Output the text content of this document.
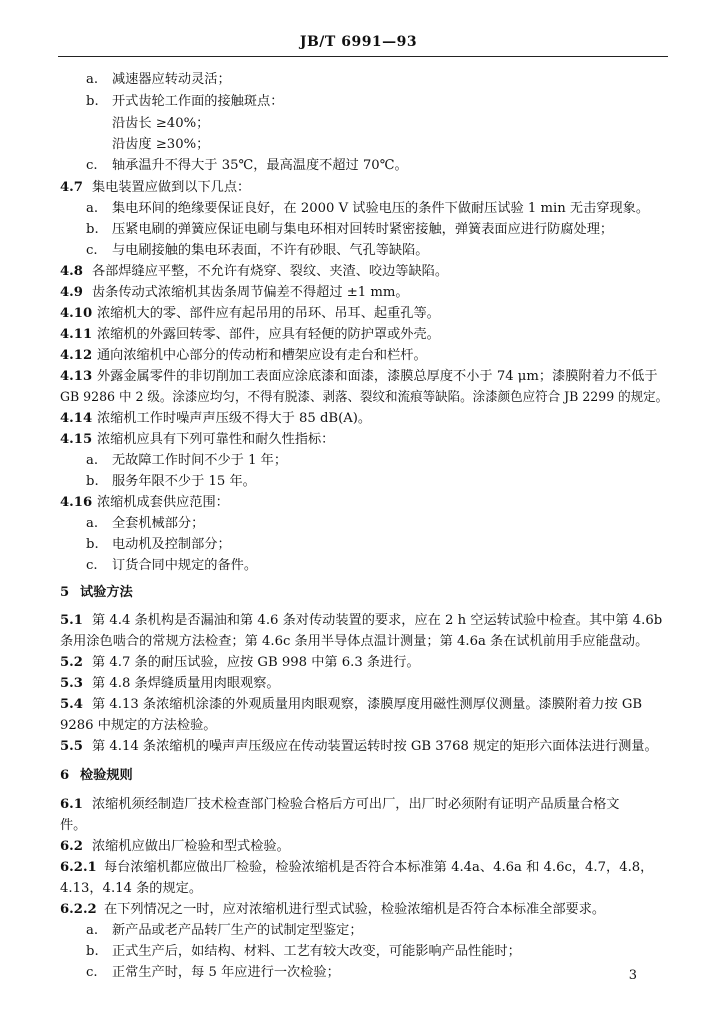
JB/T 6991—93
a. 减速器应转动灵活；
b. 开式齿轮工作面的接触斑点：
沿齿长 ≥40%；
沿齿度 ≥30%；
c. 轴承温升不得大于 35℃，最高温度不超过 70℃。
4.7 集电装置应做到以下几点：
a. 集电环间的绝缘要保证良好，在 2000 V 试验电压的条件下做耐压试验 1 min 无击穿现象。
b. 压紧电刷的弹簧应保证电刷与集电环相对回转时紧密接触，弹簧表面应进行防腐处理；
c. 与电刷接触的集电环表面，不许有砂眼、气孔等缺陷。
4.8 各部焊缝应平整，不允许有烧穿、裂纹、夹渣、咬边等缺陷。
4.9 齿条传动式浓缩机其齿条周节偏差不得超过 ±1 mm。
4.10 浓缩机大的零、部件应有起吊用的吊环、吊耳、起重孔等。
4.11 浓缩机的外露回转零、部件，应具有轻便的防护罩或外壳。
4.12 通向浓缩机中心部分的传动桁和槽架应设有走台和栏杆。
4.13 外露金属零件的非切削加工表面应涂底漆和面漆，漆膜总厚度不小于 74 μm；漆膜附着力不低于
GB 9286 中 2 级。涂漆应均匀，不得有脱漆、剥落、裂纹和流痕等缺陷。涂漆颜色应符合 JB 2299 的规定。
4.14 浓缩机工作时噪声声压级不得大于 85 dB(A)。
4.15 浓缩机应具有下列可靠性和耐久性指标：
a. 无故障工作时间不少于 1 年；
b. 服务年限不少于 15 年。
4.16 浓缩机成套供应范围：
a. 全套机械部分；
b. 电动机及控制部分；
c. 订货合同中规定的备件。
5 试验方法
5.1 第 4.4 条机构是否漏油和第 4.6 条对传动装置的要求，应在 2 h 空运转试验中检查。其中第 4.6b
条用涂色啮合的常规方法检查；第 4.6c 条用半导体点温计测量；第 4.6a 条在试机前用手应能盘动。
5.2 第 4.7 条的耐压试验，应按 GB 998 中第 6.3 条进行。
5.3 第 4.8 条焊缝质量用肉眼观察。
5.4 第 4.13 条浓缩机涂漆的外观质量用肉眼观察，漆膜厚度用磁性测厚仪测量。漆膜附着力按 GB
9286 中规定的方法检验。
5.5 第 4.14 条浓缩机的噪声声压级应在传动装置运转时按 GB 3768 规定的矩形六面体法进行测量。
6 检验规则
6.1 浓缩机须经制造厂技术检查部门检验合格后方可出厂，出厂时必须附有证明产品质量合格文
件。
6.2 浓缩机应做出厂检验和型式检验。
6.2.1 每台浓缩机都应做出厂检验，检验浓缩机是否符合本标准第 4.4a、4.6a 和 4.6c，4.7，4.8，
4.13，4.14 条的规定。
6.2.2 在下列情况之一时，应对浓缩机进行型式试验，检验浓缩机是否符合本标准全部要求。
a. 新产品或老产品转厂生产的试制定型鉴定；
b. 正式生产后，如结构、材料、工艺有较大改变，可能影响产品性能时；
c. 正常生产时，每 5 年应进行一次检验；	3
